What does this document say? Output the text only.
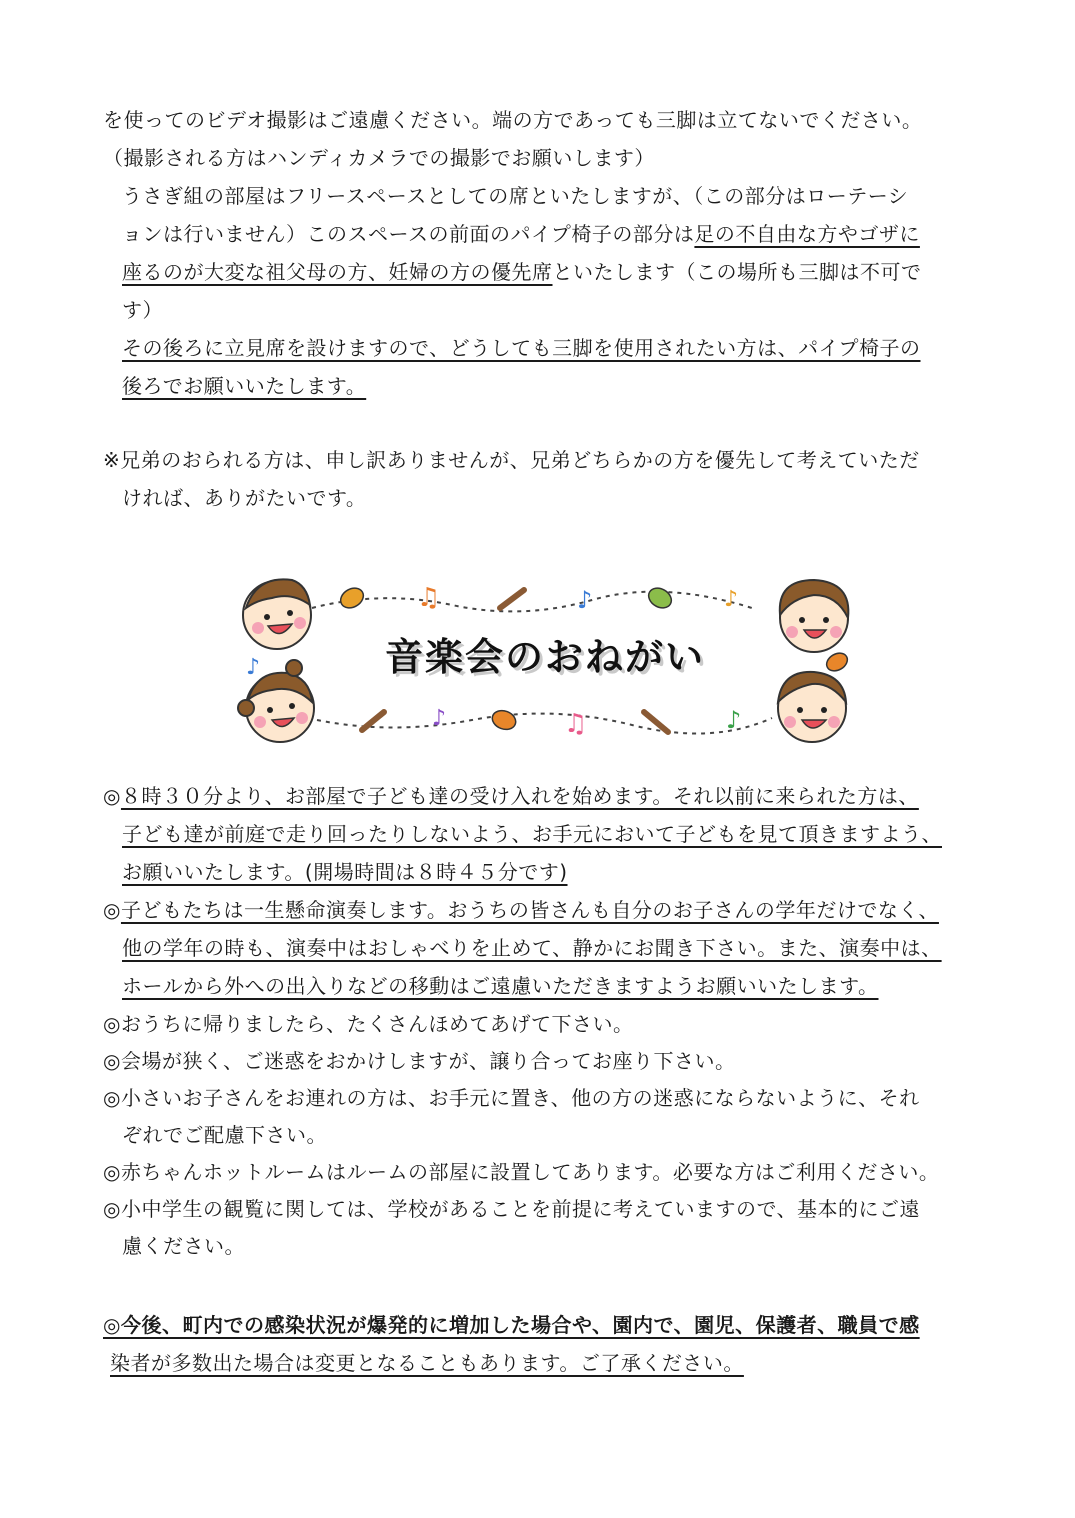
を使ってのビデオ撮影はご遠慮ください。端の方であっても三脚は立てないでください。
（撮影される方はハンディカメラでの撮影でお願いします）
うさぎ組の部屋はフリースペースとしての席といたしますが、（この部分はローテーシ
ョンは行いません）このスペースの前面のパイプ椅子の部分は足の不自由な方やゴザに
座るのが大変な祖父母の方、妊婦の方の優先席といたします（この場所も三脚は不可で
す）
その後ろに立見席を設けますので、どうしても三脚を使用されたい方は、パイプ椅子の
後ろでお願いいたします。
※兄弟のおられる方は、申し訳ありませんが、兄弟どちらかの方を優先して考えていただ
ければ、ありがたいです。
♫	♪	♪
♪
♪	♫	♪
音楽会のおねがい
◎８時３０分より、お部屋で子ども達の受け入れを始めます。それ以前に来られた方は、
子ども達が前庭で走り回ったりしないよう、お手元において子どもを見て頂きますよう、
お願いいたします。(開場時間は８時４５分です)
◎子どもたちは一生懸命演奏します。おうちの皆さんも自分のお子さんの学年だけでなく、
他の学年の時も、演奏中はおしゃべりを止めて、静かにお聞き下さい。また、演奏中は、
ホールから外への出入りなどの移動はご遠慮いただきますようお願いいたします。
◎おうちに帰りましたら、たくさんほめてあげて下さい。
◎会場が狭く、ご迷惑をおかけしますが、譲り合ってお座り下さい。
◎小さいお子さんをお連れの方は、お手元に置き、他の方の迷惑にならないように、それ
ぞれでご配慮下さい。
◎赤ちゃんホットルームはルームの部屋に設置してあります。必要な方はご利用ください。
◎小中学生の観覧に関しては、学校があることを前提に考えていますので、基本的にご遠
慮ください。
◎今後、町内での感染状況が爆発的に増加した場合や、園内で、園児、保護者、職員で感
染者が多数出た場合は変更となることもあります。ご了承ください。
